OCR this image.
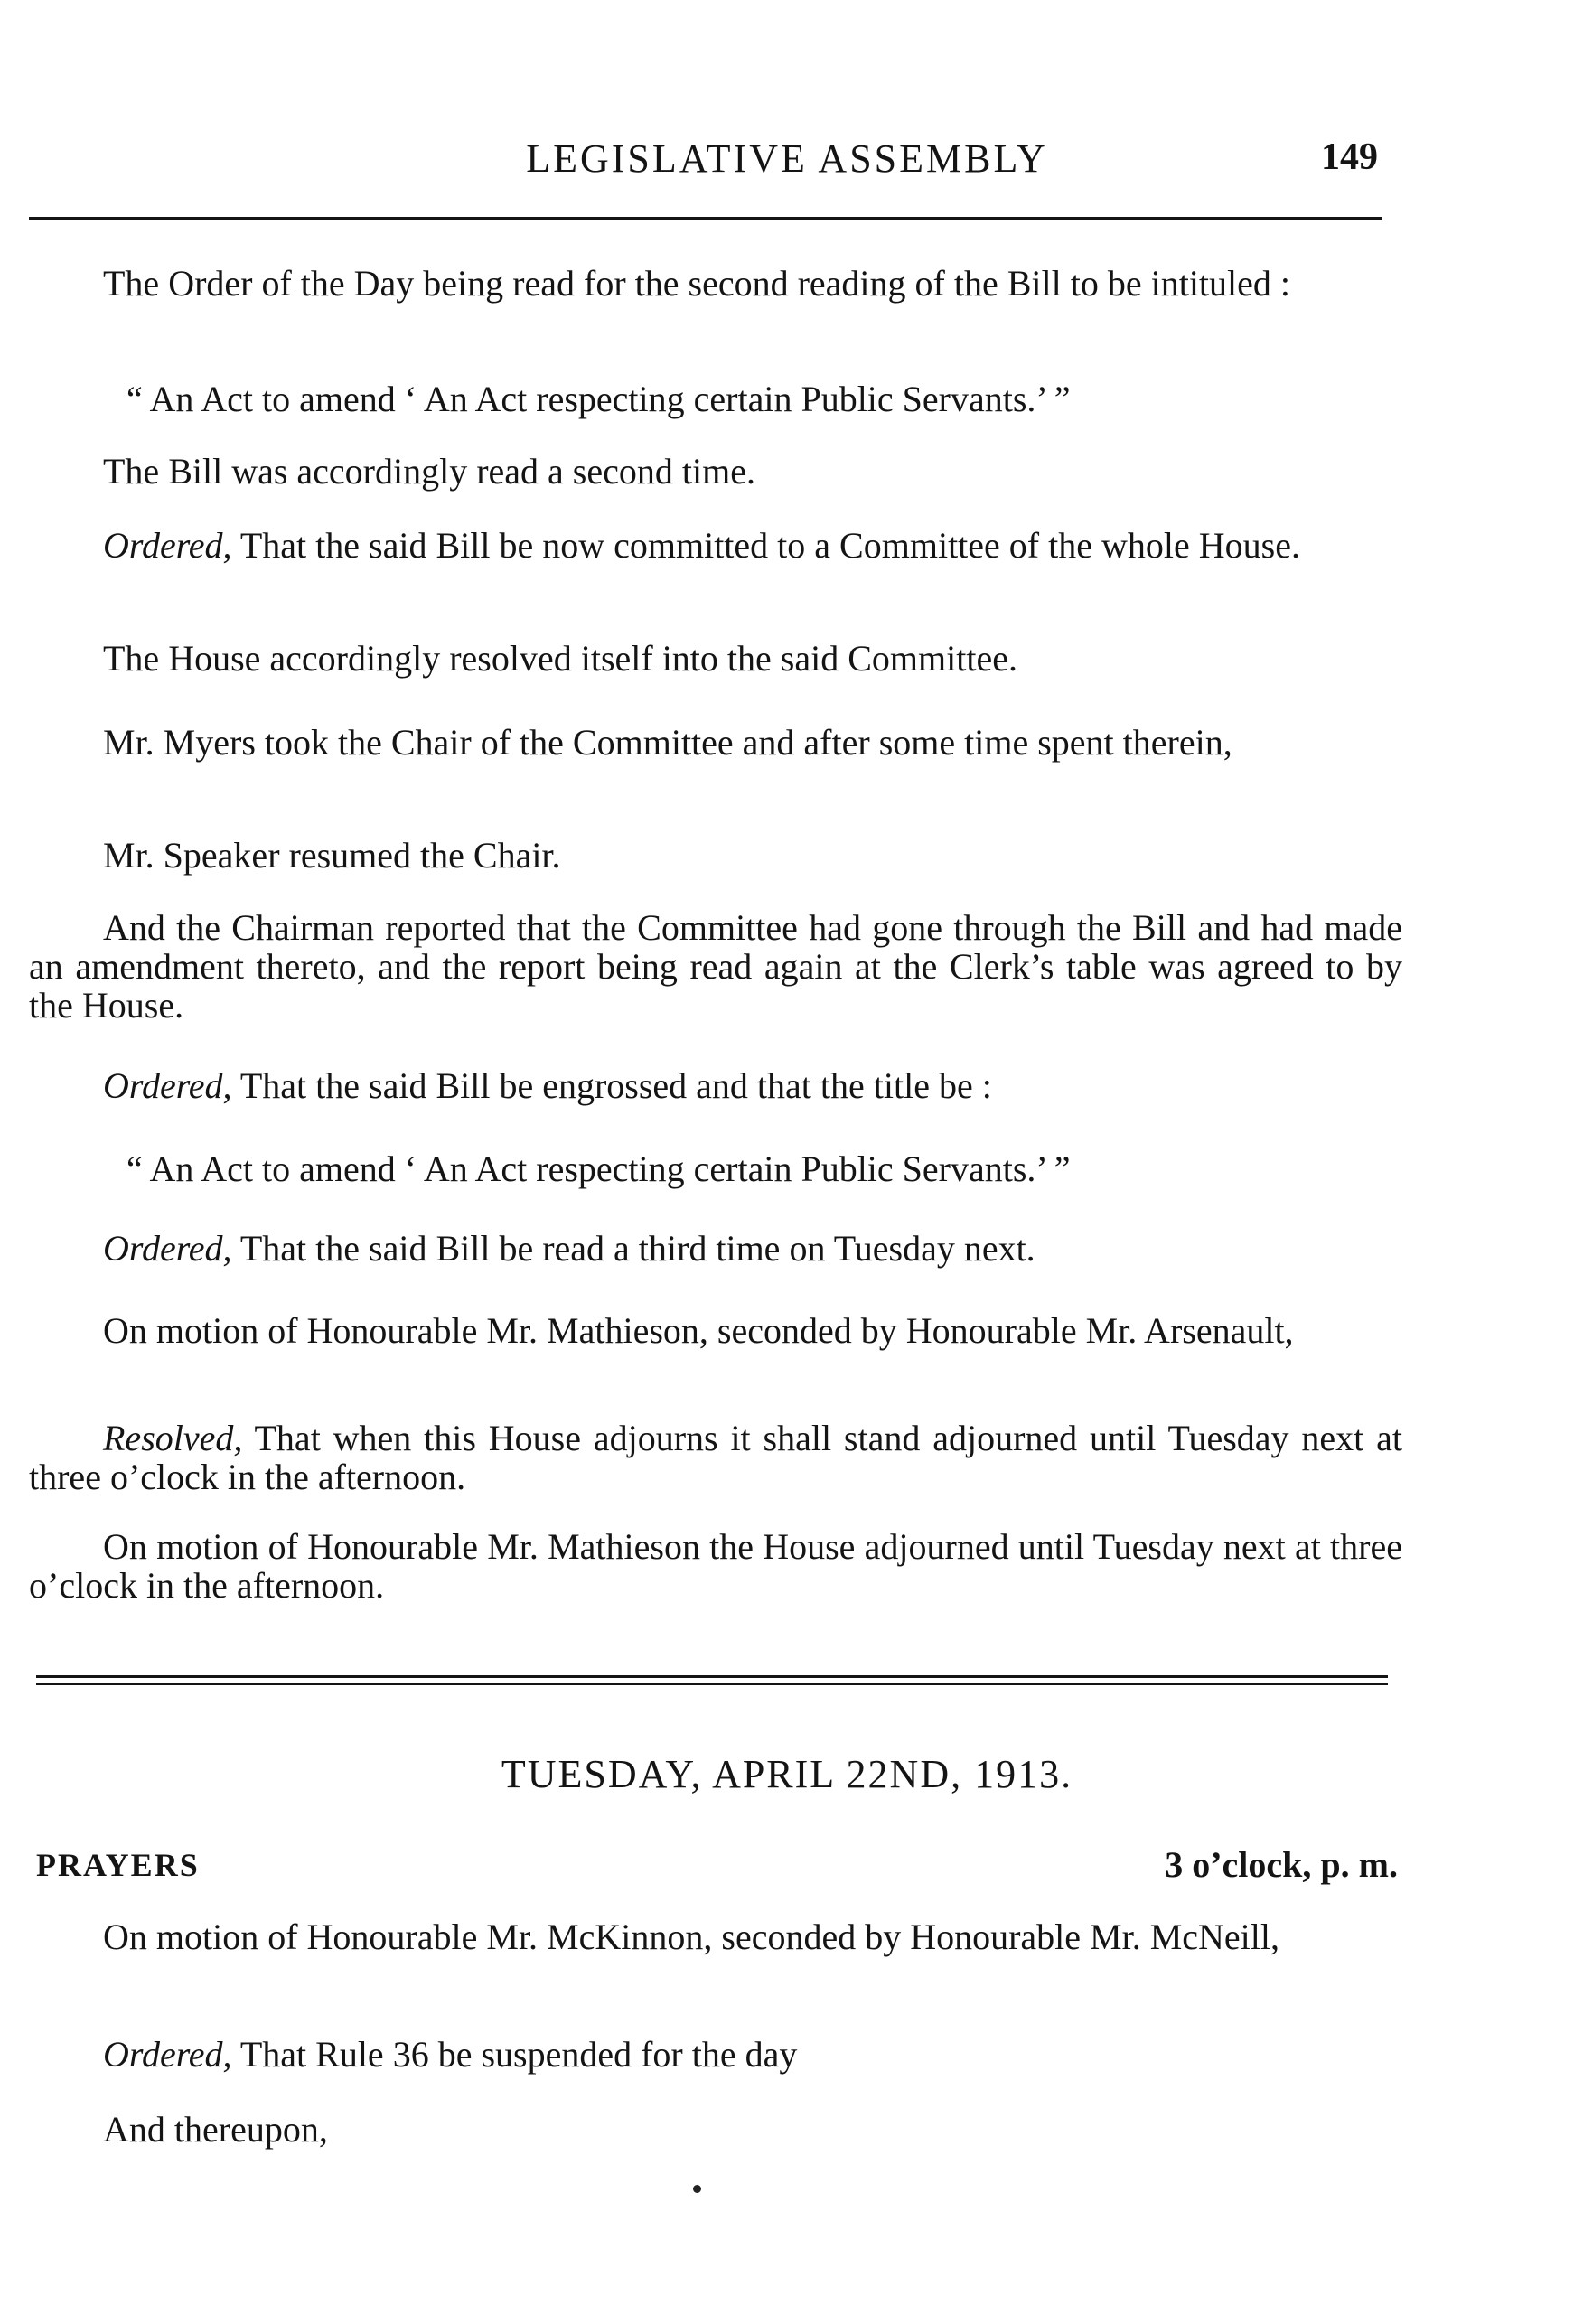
LEGISLATIVE ASSEMBLY	149

The Order of the Day being read for the second reading of the Bill to be intituled :

“ An Act to amend ‘ An Act respecting certain Public Servants.’ ”

The Bill was accordingly read a second time.

Ordered, That the said Bill be now committed to a Committee of the whole House.

The House accordingly resolved itself into the said Committee.

Mr. Myers took the Chair of the Committee and after some time spent therein,

Mr. Speaker resumed the Chair.

And the Chairman reported that the Committee had gone through the Bill and had made an amendment thereto, and the report being read again at the Clerk’s table was agreed to by the House.

Ordered, That the said Bill be engrossed and that the title be :

“ An Act to amend ‘ An Act respecting certain Public Servants.’ ”

Ordered, That the said Bill be read a third time on Tuesday next.

On motion of Honourable Mr. Mathieson, seconded by Honourable Mr. Arsenault,

Resolved, That when this House adjourns it shall stand adjourned until Tuesday next at three o’clock in the afternoon.

On motion of Honourable Mr. Mathieson the House adjourned until Tuesday next at three o’clock in the afternoon.

TUESDAY, APRIL 22ND, 1913.
PRAYERS	3 o’clock, p. m.

On motion of Honourable Mr. McKinnon, seconded by Honourable Mr. McNeill,

Ordered, That Rule 36 be suspended for the day

And thereupon,
